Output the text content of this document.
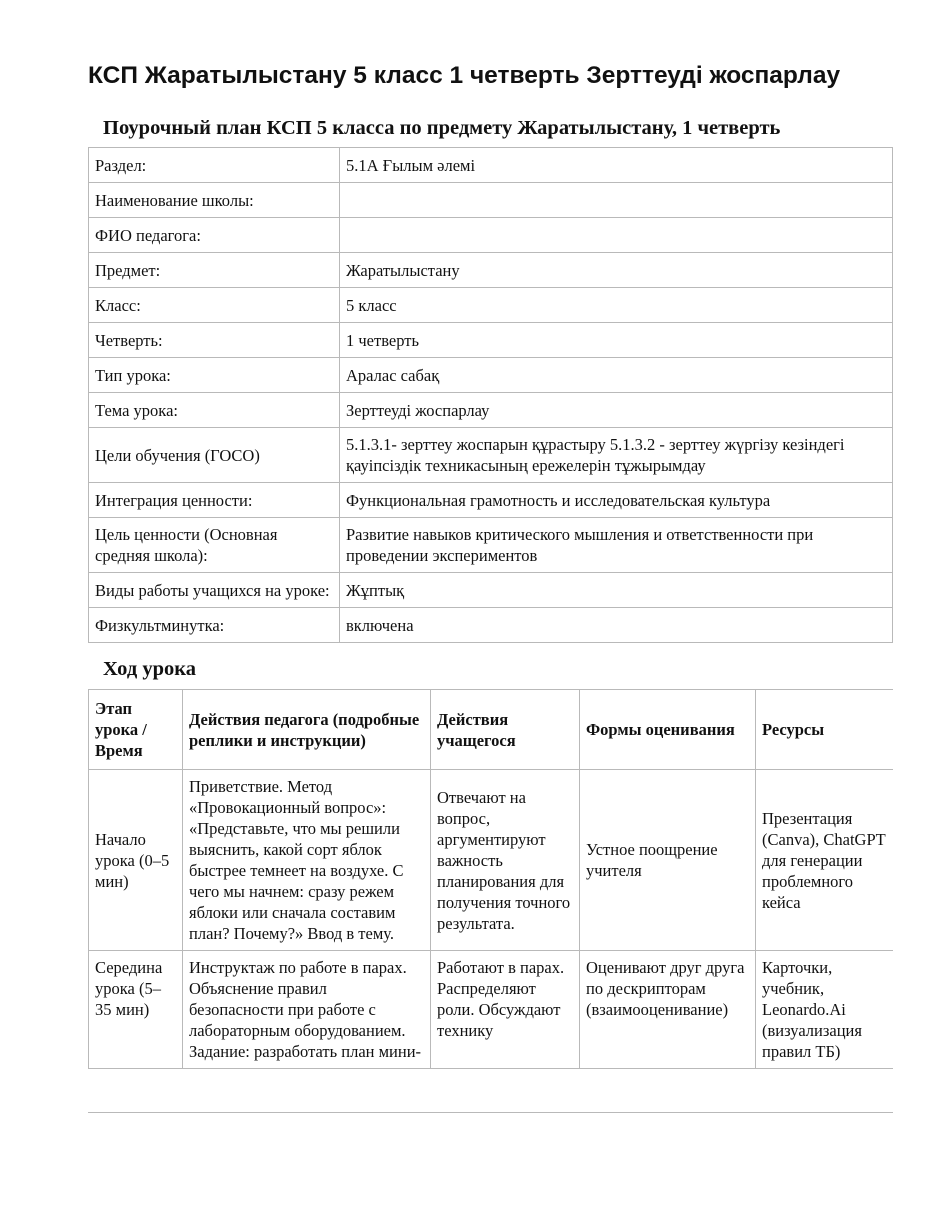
КСП Жаратылыстану 5 класс 1 четверть Зерттеуді жоспарлау
Поурочный план КСП 5 класса по предмету Жаратылыстану, 1 четверть
Раздел:	5.1А Ғылым әлемі
Наименование школы:	
ФИО педагога:	
Предмет:	Жаратылыстану
Класс:	5 класс
Четверть:	1 четверть
Тип урока:	Аралас сабақ
Тема урока:	Зерттеуді жоспарлау
Цели обучения (ГОСО)	5.1.3.1- зерттеу жоспарын құрастыру 5.1.3.2 - зерттеу жүргізу кезіндегі қауіпсіздік техникасының ережелерін тұжырымдау
Интеграция ценности:	Функциональная грамотность и исследовательская культура
Цель ценности (Основная средняя школа):	Развитие навыков критического мышления и ответственности при проведении экспериментов
Виды работы учащихся на уроке:	Жұптық
Физкультминутка:	включена
Ход урока
Этап урока / Время	Действия педагога (подробные реплики и инструкции)	Действия учащегося	Формы оценивания	Ресурсы
Начало урока (0–5 мин)	Приветствие. Метод «Провокационный вопрос»: «Представьте, что мы решили выяснить, какой сорт яблок быстрее темнеет на воздухе. С чего мы начнем: сразу режем яблоки или сначала составим план? Почему?» Ввод в тему.	Отвечают на вопрос, аргументируют важность планирования для получения точного результата.	Устное поощрение учителя	Презентация (Canva), ChatGPT для генерации проблемного кейса
Середина урока (5–35 мин)	Инструктаж по работе в парах. Объяснение правил безопасности при работе с лабораторным оборудованием. Задание: разработать план мини-	Работают в парах. Распределяют роли. Обсуждают технику	Оценивают друг друга по дескрипторам (взаимооценивание)	Карточки, учебник, Leonardo.Ai (визуализация правил ТБ)
